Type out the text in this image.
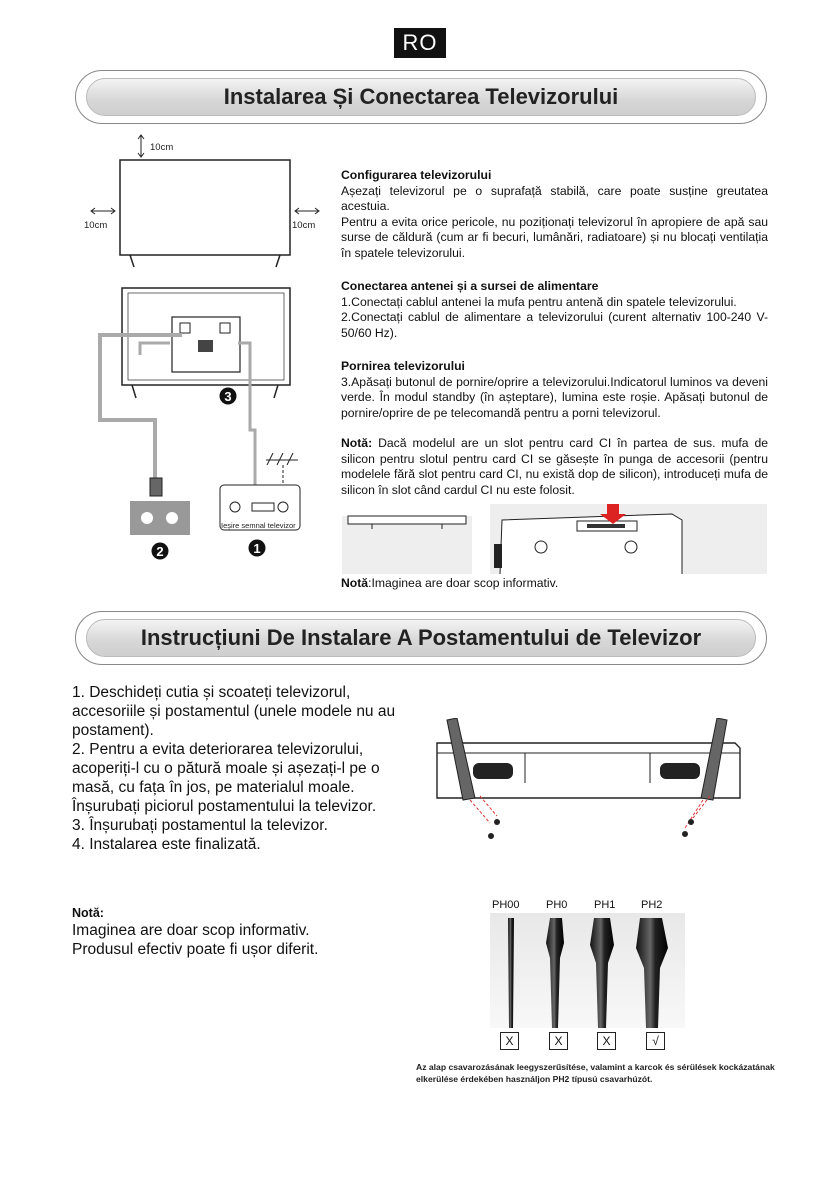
RO
Instalarea Și Conectarea Televizorului
10cm
10cm	10cm
3
2
Ieșire semnal televizor
1

Configurarea televizorului

Așezați televizorul pe o suprafață stabilă, care poate susține greutatea acestuia.

Pentru a evita orice pericole, nu poziționați televizorul în apropiere de apă sau surse de căldură (cum ar fi becuri, lumânări, radiatoare) și nu blocați ventilația în spatele televizorului.

Conectarea antenei și a sursei de alimentare

1.Conectați cablul antenei la mufa pentru antenă din spatele televizorului.

2.Conectați cablul de alimentare a televizorului (curent alternativ 100-240 V- 50/60 Hz).

Pornirea televizorului

3.Apăsați butonul de pornire/oprire a televizorului.Indicatorul luminos va deveni verde. În modul standby (în așteptare), lumina este roșie. Apăsați butonul de pornire/oprire de pe telecomandă pentru a porni televizorul.

Notă: Dacă modelul are un slot pentru card CI în partea de sus. mufa de silicon pentru slotul pentru card CI se găsește în punga de accesorii (pentru modelele fără slot pentru card CI, nu există dop de silicon), introduceți mufa de silicon în slot când cardul CI nu este folosit.

Notă:Imaginea are doar scop informativ.

Instrucțiuni De Instalare A Postamentului de Televizor

1. Deschideți cutia și scoateți televizorul, accesoriile și postamentul (unele modele nu au postament).

2. Pentru a evita deteriorarea televizorului, acoperiți-l cu o pătură moale și așezați-l pe o masă, cu fața în jos, pe materialul moale. Înșurubați piciorul postamentului la televizor.

3. Înșurubați postamentul la televizor.

4. Instalarea este finalizată.

Notă:

Imaginea are doar scop informativ.

Produsul efectiv poate fi ușor diferit.

PH00 PH0 PH1 PH2
X	X	X	√
Az alap csavarozásának leegyszerűsítése, valamint a karcok és sérülések kockázatának elkerülése érdekében használjon PH2 típusú csavarhúzót.
